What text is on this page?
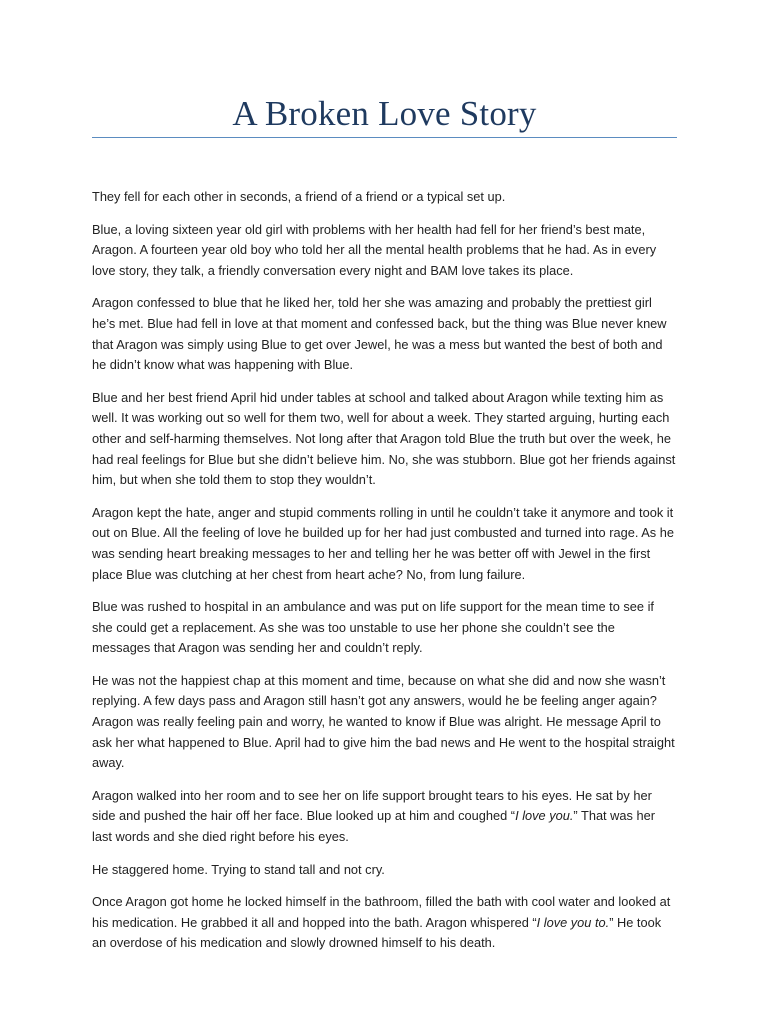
A Broken Love Story

They fell for each other in seconds, a friend of a friend or a typical set up.

Blue, a loving sixteen year old girl with problems with her health had fell for her friend’s best mate, Aragon. A fourteen year old boy who told her all the mental health problems that he had. As in every love story, they talk, a friendly conversation every night and BAM love takes its place.

Aragon confessed to blue that he liked her, told her she was amazing and probably the prettiest girl he’s met. Blue had fell in love at that moment and confessed back, but the thing was Blue never knew that Aragon was simply using Blue to get over Jewel, he was a mess but wanted the best of both and he didn’t know what was happening with Blue.

Blue and her best friend April hid under tables at school and talked about Aragon while texting him as well. It was working out so well for them two, well for about a week. They started arguing, hurting each other and self-harming themselves. Not long after that Aragon told Blue the truth but over the week, he had real feelings for Blue but she didn’t believe him. No, she was stubborn. Blue got her friends against him, but when she told them to stop they wouldn’t.

Aragon kept the hate, anger and stupid comments rolling in until he couldn’t take it anymore and took it out on Blue. All the feeling of love he builded up for her had just combusted and turned into rage. As he was sending heart breaking messages to her and telling her he was better off with Jewel in the first place Blue was clutching at her chest from heart ache? No, from lung failure.

Blue was rushed to hospital in an ambulance and was put on life support for the mean time to see if she could get a replacement. As she was too unstable to use her phone she couldn’t see the messages that Aragon was sending her and couldn’t reply.

He was not the happiest chap at this moment and time, because on what she did and now she wasn’t replying. A few days pass and Aragon still hasn’t got any answers, would he be feeling anger again? Aragon was really feeling pain and worry, he wanted to know if Blue was alright. He message April to ask her what happened to Blue. April had to give him the bad news and He went to the hospital straight away.

Aragon walked into her room and to see her on life support brought tears to his eyes. He sat by her side and pushed the hair off her face. Blue looked up at him and coughed “I love you.” That was her last words and she died right before his eyes.

He staggered home. Trying to stand tall and not cry.

Once Aragon got home he locked himself in the bathroom, filled the bath with cool water and looked at his medication. He grabbed it all and hopped into the bath. Aragon whispered “I love you to.” He took an overdose of his medication and slowly drowned himself to his death.
